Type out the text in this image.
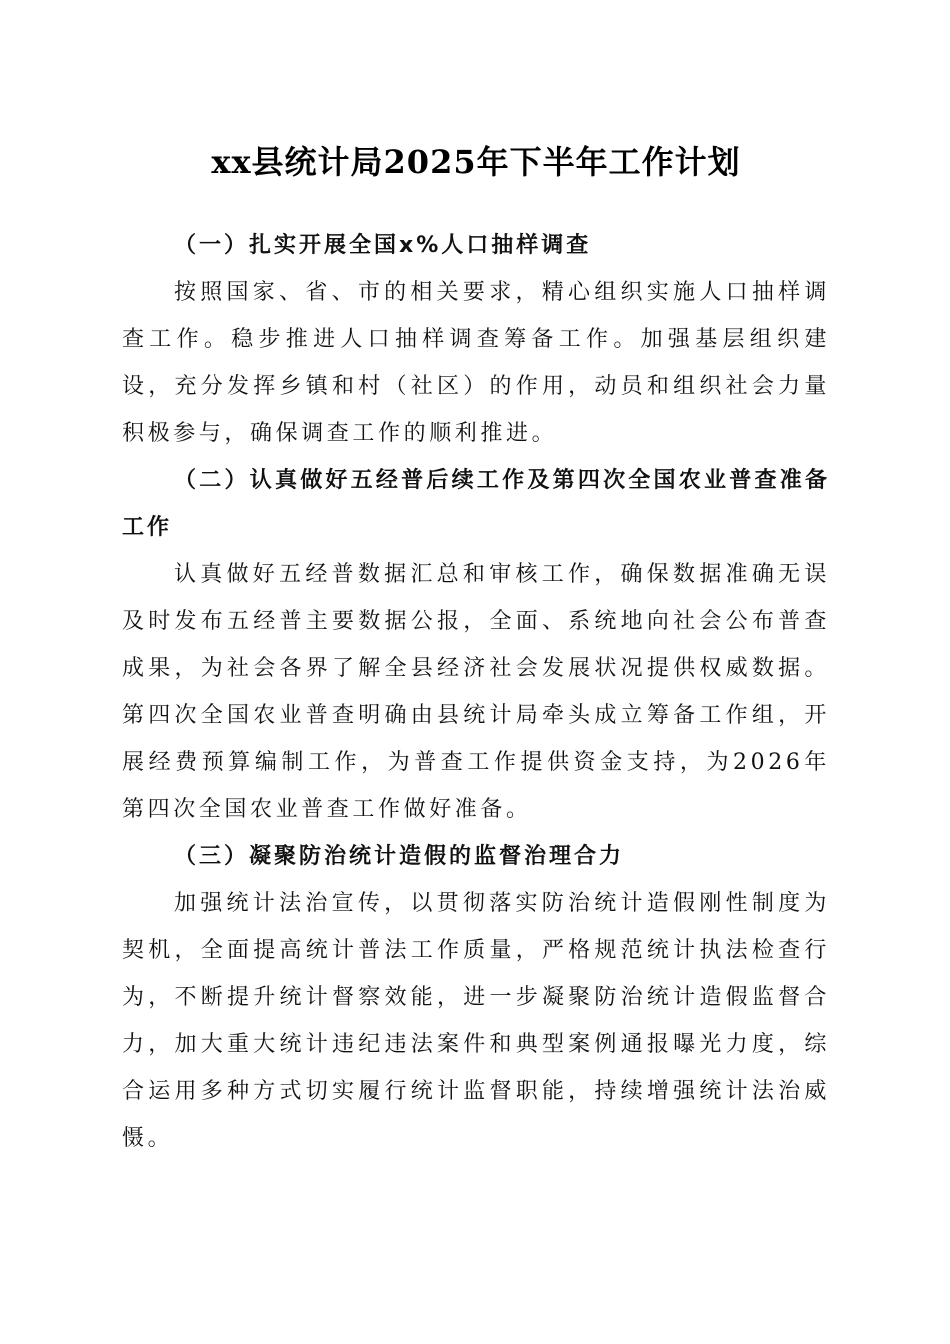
xx县统计局2025年下半年工作计划

（一）扎实开展全国x%人口抽样调查

按照国家、省、市的相关要求，精心组织实施人口抽样调查工作。稳步推进人口抽样调查筹备工作。加强基层组织建设，充分发挥乡镇和村（社区）的作用，动员和组织社会力量积极参与，确保调查工作的顺利推进。

（二）认真做好五经普后续工作及第四次全国农业普查准备工作

认真做好五经普数据汇总和审核工作，确保数据准确无误及时发布五经普主要数据公报，全面、系统地向社会公布普查成果，为社会各界了解全县经济社会发展状况提供权威数据。第四次全国农业普查明确由县统计局牵头成立筹备工作组，开展经费预算编制工作，为普查工作提供资金支持，为2026年第四次全国农业普查工作做好准备。

（三）凝聚防治统计造假的监督治理合力

加强统计法治宣传，以贯彻落实防治统计造假刚性制度为契机，全面提高统计普法工作质量，严格规范统计执法检查行为，不断提升统计督察效能，进一步凝聚防治统计造假监督合力，加大重大统计违纪违法案件和典型案例通报曝光力度，综合运用多种方式切实履行统计监督职能，持续增强统计法治威慑。
